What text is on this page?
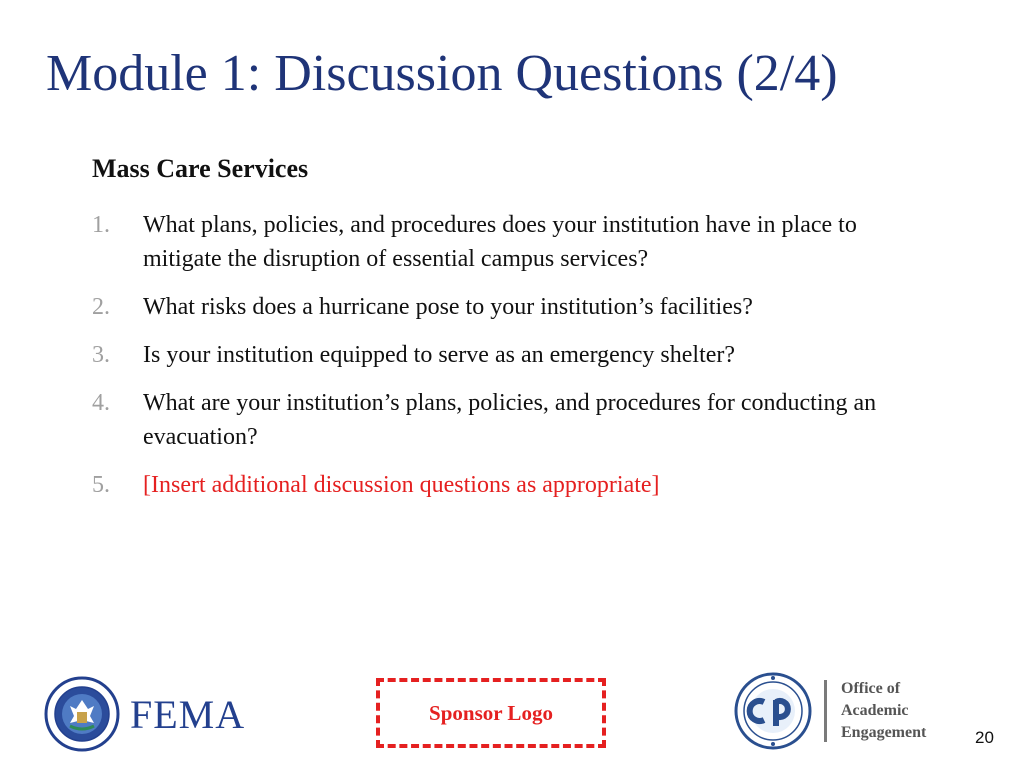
Module 1: Discussion Questions (2/4)
Mass Care Services
1.	What plans, policies, and procedures does your institution have in place to mitigate the disruption of essential campus services?
2.	What risks does a hurricane pose to your institution’s facilities?
3.	Is your institution equipped to serve as an emergency shelter?
4.	What are your institution’s plans, policies, and procedures for conducting an evacuation?
5.	[Insert additional discussion questions as appropriate]
FEMA	Sponsor Logo
Office of
Academic
Engagement	20
